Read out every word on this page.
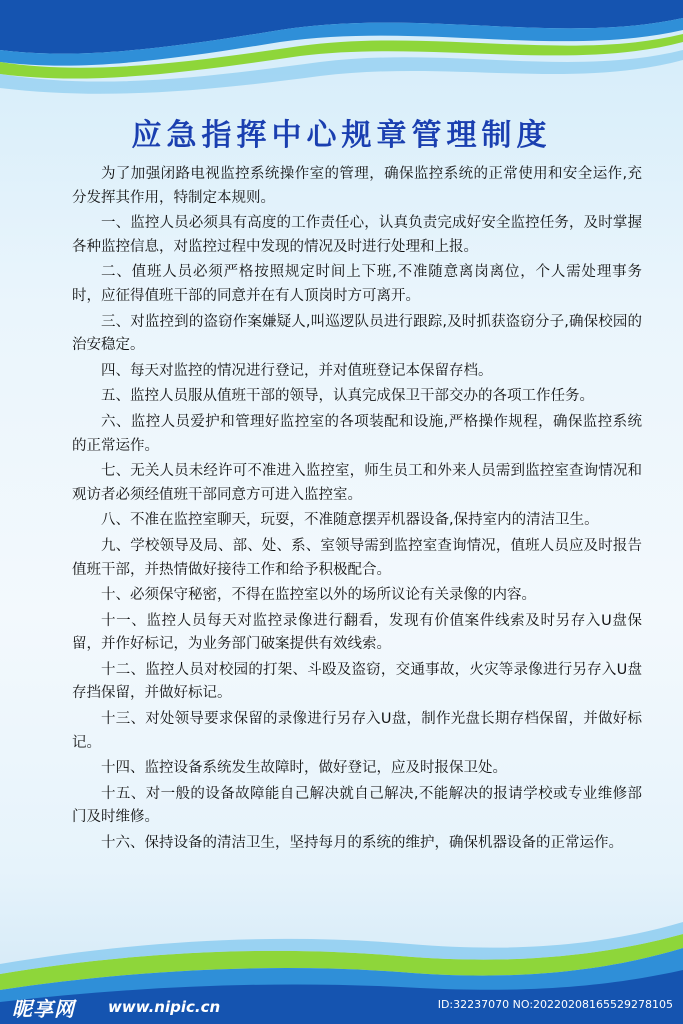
应急指挥中心规章管理制度

为了加强闭路电视监控系统操作室的管理，确保监控系统的正常使用和安全运作,充分发挥其作用，特制定本规则。

一、监控人员必须具有高度的工作责任心，认真负责完成好安全监控任务，及时掌握各种监控信息，对监控过程中发现的情况及时进行处理和上报。

二、值班人员必须严格按照规定时间上下班,不准随意离岗离位，个人需处理事务时，应征得值班干部的同意并在有人顶岗时方可离开。

三、对监控到的盗窃作案嫌疑人,叫巡逻队员进行跟踪,及时抓获盗窃分子,确保校园的治安稳定。

四、每天对监控的情况进行登记，并对值班登记本保留存档。

五、监控人员服从值班干部的领导，认真完成保卫干部交办的各项工作任务。

六、监控人员爱护和管理好监控室的各项装配和设施,严格操作规程，确保监控系统的正常运作。

七、无关人员未经许可不准进入监控室，师生员工和外来人员需到监控室查询情况和观访者必须经值班干部同意方可进入监控室。

八、不准在监控室聊天，玩耍，不准随意摆弄机器设备,保持室内的清洁卫生。

九、学校领导及局、部、处、系、室领导需到监控室查询情况，值班人员应及时报告值班干部，并热情做好接待工作和给予积极配合。

十、必须保守秘密，不得在监控室以外的场所议论有关录像的内容。

十一、监控人员每天对监控录像进行翻看，发现有价值案件线索及时另存入U盘保留，并作好标记，为业务部门破案提供有效线索。

十二、监控人员对校园的打架、斗殴及盗窃，交通事故，火灾等录像进行另存入U盘存挡保留，并做好标记。

十三、对处领导要求保留的录像进行另存入U盘，制作光盘长期存档保留，并做好标记。

十四、监控设备系统发生故障时，做好登记，应及时报保卫处。

十五、对一般的设备故障能自己解决就自己解决,不能解决的报请学校或专业维修部门及时维修。

十六、保持设备的清洁卫生，坚持每月的系统的维护，确保机器设备的正常运作。

昵享网 www.nipic.cn	ID:32237070 NO:20220208165529278105
